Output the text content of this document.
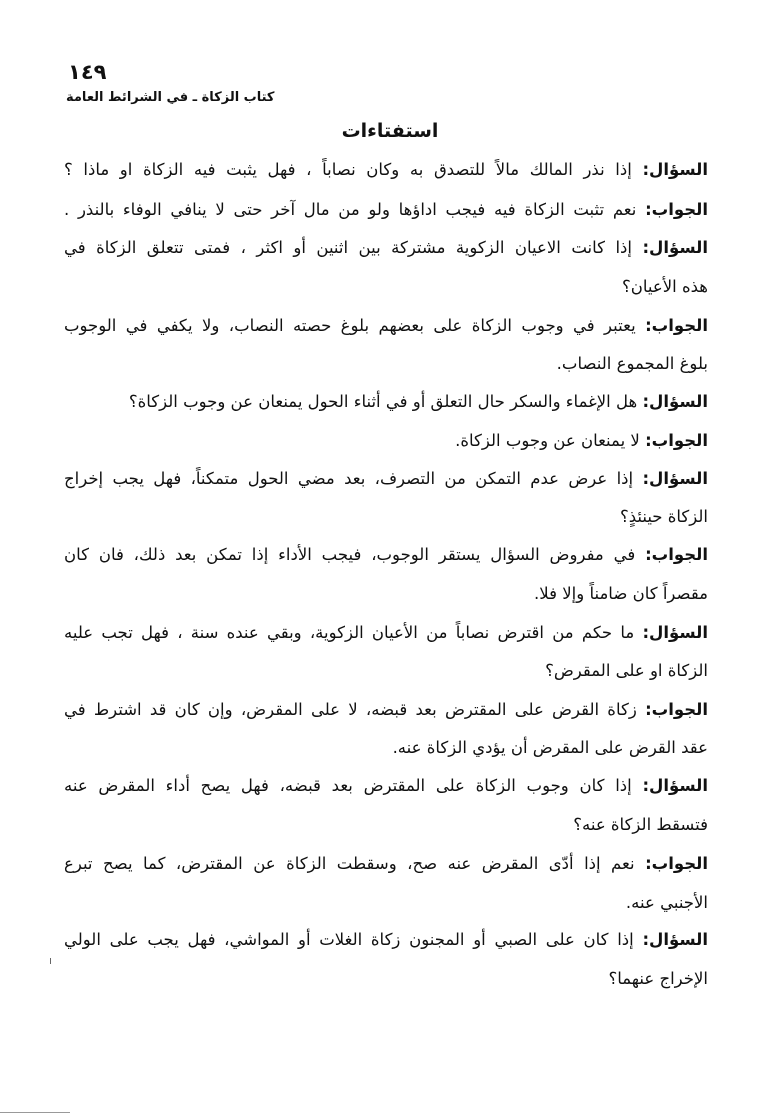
١٤٩
كتاب الزكاة ـ في الشرائط العامة
استفتاءات
السؤال: إذا نذر المالك مالاً للتصدق به وكان نصاباً ، فهل يثبت فيه الزكاة او ماذا ؟
الجواب: نعم تثبت الزكاة فيه فيجب اداؤها ولو من مال آخر حتى لا ينافي الوفاء بالنذر .
السؤال: إذا كانت الاعيان الزكوية مشتركة بين اثنين أو اكثر ، فمتى تتعلق الزكاة في
هذه الأعيان؟
الجواب: يعتبر في وجوب الزكاة على بعضهم بلوغ حصته النصاب، ولا يكفي في الوجوب
بلوغ المجموع النصاب.
السؤال: هل الإغماء والسكر حال التعلق أو في أثناء الحول يمنعان عن وجوب الزكاة؟
الجواب: لا يمنعان عن وجوب الزكاة.
السؤال: إذا عرض عدم التمكن من التصرف، بعد مضي الحول متمكناً، فهل يجب إخراج
الزكاة حينئذٍ؟
الجواب: في مفروض السؤال يستقر الوجوب، فيجب الأداء إذا تمكن بعد ذلك، فان كان
مقصراً كان ضامناً وإلا فلا.
السؤال: ما حكم من اقترض نصاباً من الأعيان الزكوية، وبقي عنده سنة ، فهل تجب عليه
الزكاة او على المقرض؟
الجواب: زكاة القرض على المقترض بعد قبضه، لا على المقرض، وإن كان قد اشترط في
عقد القرض على المقرض أن يؤدي الزكاة عنه.
السؤال: إذا كان وجوب الزكاة على المقترض بعد قبضه، فهل يصح أداء المقرض عنه
فتسقط الزكاة عنه؟
الجواب: نعم إذا أدّى المقرض عنه صح، وسقطت الزكاة عن المقترض، كما يصح تبرع
الأجنبي عنه.
السؤال: إذا كان على الصبي أو المجنون زكاة الغلات أو المواشي، فهل يجب على الولي
الإخراج عنهما؟
